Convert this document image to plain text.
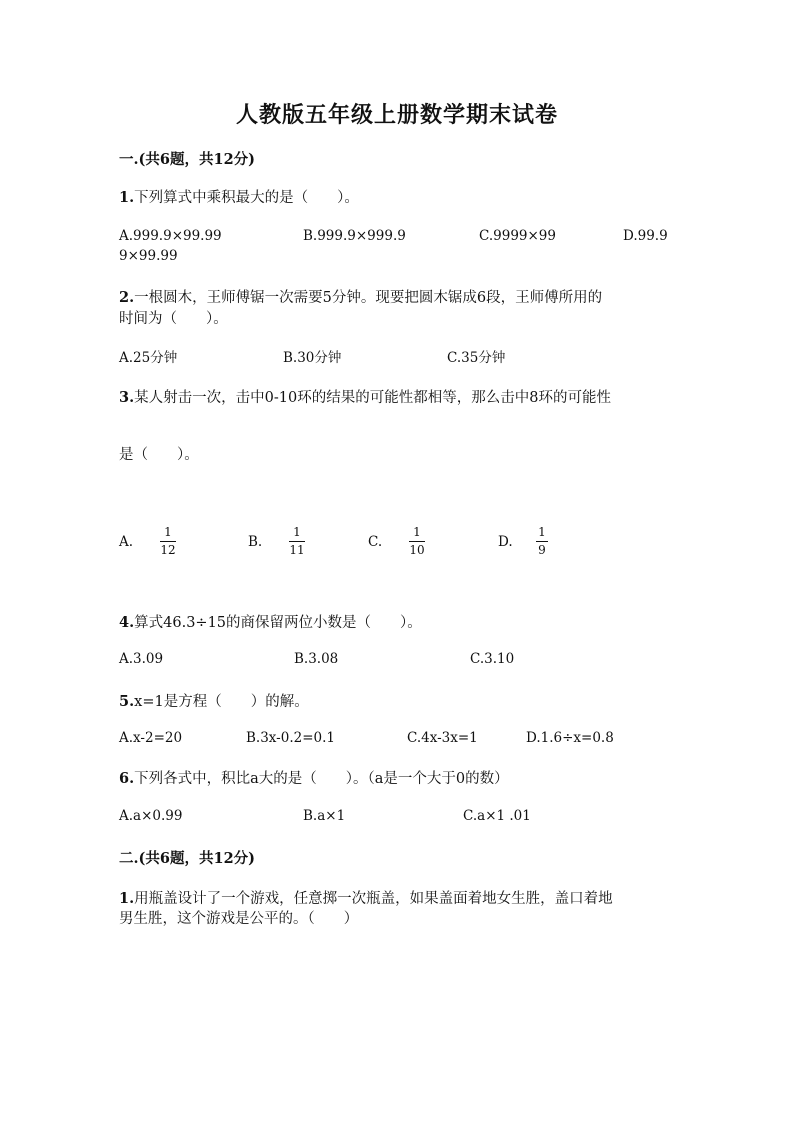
人教版五年级上册数学期末试卷
一.(共6题，共12分)
1.下列算式中乘积最大的是（　　）。
A.999.9×99.99	B.999.9×999.9	C.9999×99	D.99.9
9×99.99
2.一根圆木，王师傅锯一次需要5分钟。现要把圆木锯成6段，王师傅所用的
时间为（　　）。
A.25分钟	B.30分钟	C.35分钟
3.某人射击一次，击中0-10环的结果的可能性都相等，那么击中8环的可能性
是（　　）。
A.
1
12	B.
1
11	C.
1
10	D.
1
9
4.算式46.3÷15的商保留两位小数是（　　）。
A.3.09	B.3.08	C.3.10
5.x=1是方程（　　）的解。
A.x-2=20	B.3x-0.2=0.1	C.4x-3x=1	D.1.6÷x=0.8
6.下列各式中，积比a大的是（　　）。（a是一个大于0的数）
A.a×0.99	B.a×1	C.a×1 .01
二.(共6题，共12分)
1.用瓶盖设计了一个游戏，任意掷一次瓶盖，如果盖面着地女生胜，盖口着地
男生胜，这个游戏是公平的。（　　）
